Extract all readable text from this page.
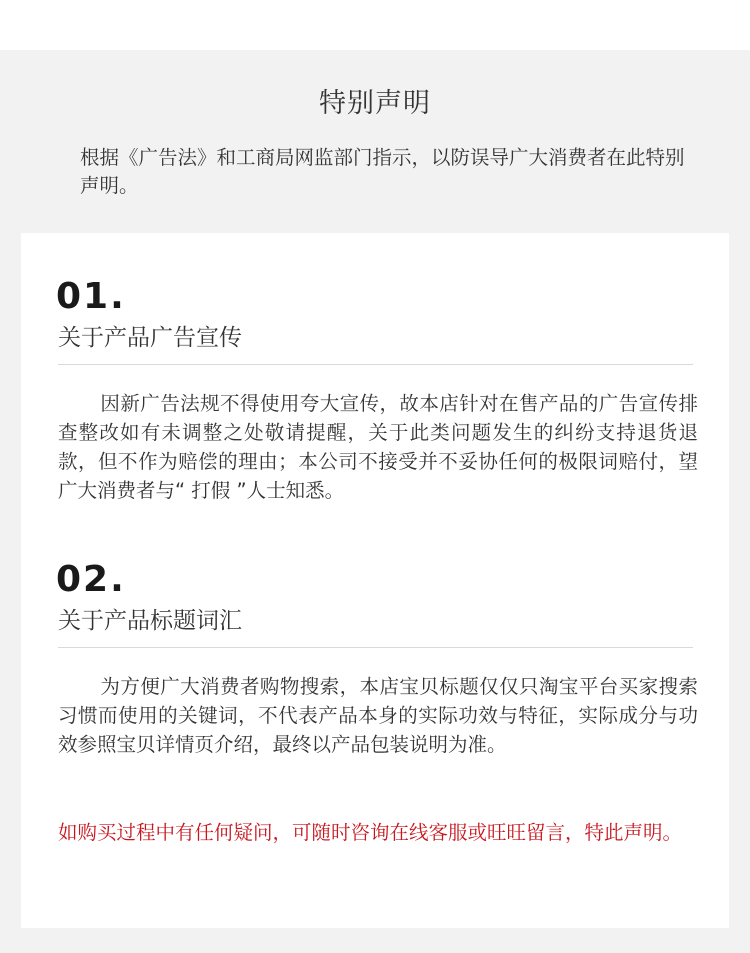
特别声明
根据《广告法》和工商局网监部门指示，以防误导广大消费者在此特别声明。
01.
关于产品广告宣传
因新广告法规不得使用夸大宣传，故本店针对在售产品的广告宣传排查整改如有未调整之处敬请提醒，关于此类问题发生的纠纷支持退货退款，但不作为赔偿的理由；本公司不接受并不妥协任何的极限词赔付，望广大消费者与“ 打假 ”人士知悉。
02.
关于产品标题词汇
为方便广大消费者购物搜索，本店宝贝标题仅仅只淘宝平台买家搜索习惯而使用的关键词，不代表产品本身的实际功效与特征，实际成分与功效参照宝贝详情页介绍，最终以产品包装说明为准。
如购买过程中有任何疑问，可随时咨询在线客服或旺旺留言，特此声明。
